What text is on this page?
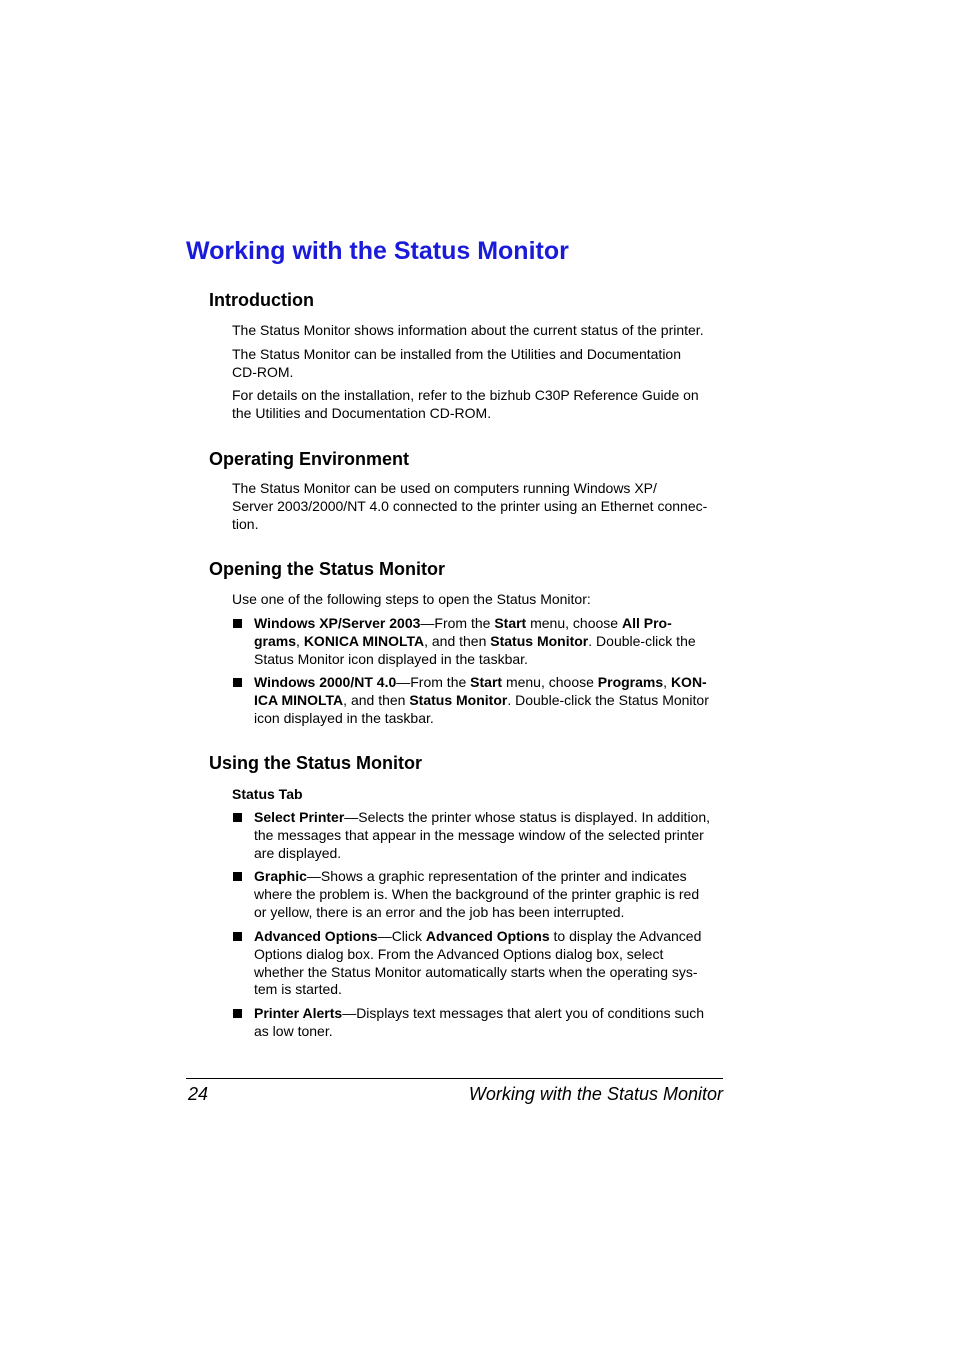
Working with the Status Monitor
Introduction

The Status Monitor shows information about the current status of the printer.

The Status Monitor can be installed from the Utilities and Documentation
CD-ROM.

For details on the installation, refer to the bizhub C30P Reference Guide on
the Utilities and Documentation CD-ROM.

Operating Environment

The Status Monitor can be used on computers running Windows XP/
Server 2003/2000/NT 4.0 connected to the printer using an Ethernet connec-
tion.

Opening the Status Monitor

Use one of the following steps to open the Status Monitor:

Windows XP/Server 2003—From the Start menu, choose All Pro-
grams, KONICA MINOLTA, and then Status Monitor. Double-click the
Status Monitor icon displayed in the taskbar.
Windows 2000/NT 4.0—From the Start menu, choose Programs, KON-
ICA MINOLTA, and then Status Monitor. Double-click the Status Monitor
icon displayed in the taskbar.
Using the Status Monitor

Status Tab

Select Printer—Selects the printer whose status is displayed. In addition,
the messages that appear in the message window of the selected printer
are displayed.
Graphic—Shows a graphic representation of the printer and indicates
where the problem is. When the background of the printer graphic is red
or yellow, there is an error and the job has been interrupted.
Advanced Options—Click Advanced Options to display the Advanced
Options dialog box. From the Advanced Options dialog box, select
whether the Status Monitor automatically starts when the operating sys-
tem is started.
Printer Alerts—Displays text messages that alert you of conditions such
as low toner.
24	Working with the Status Monitor
